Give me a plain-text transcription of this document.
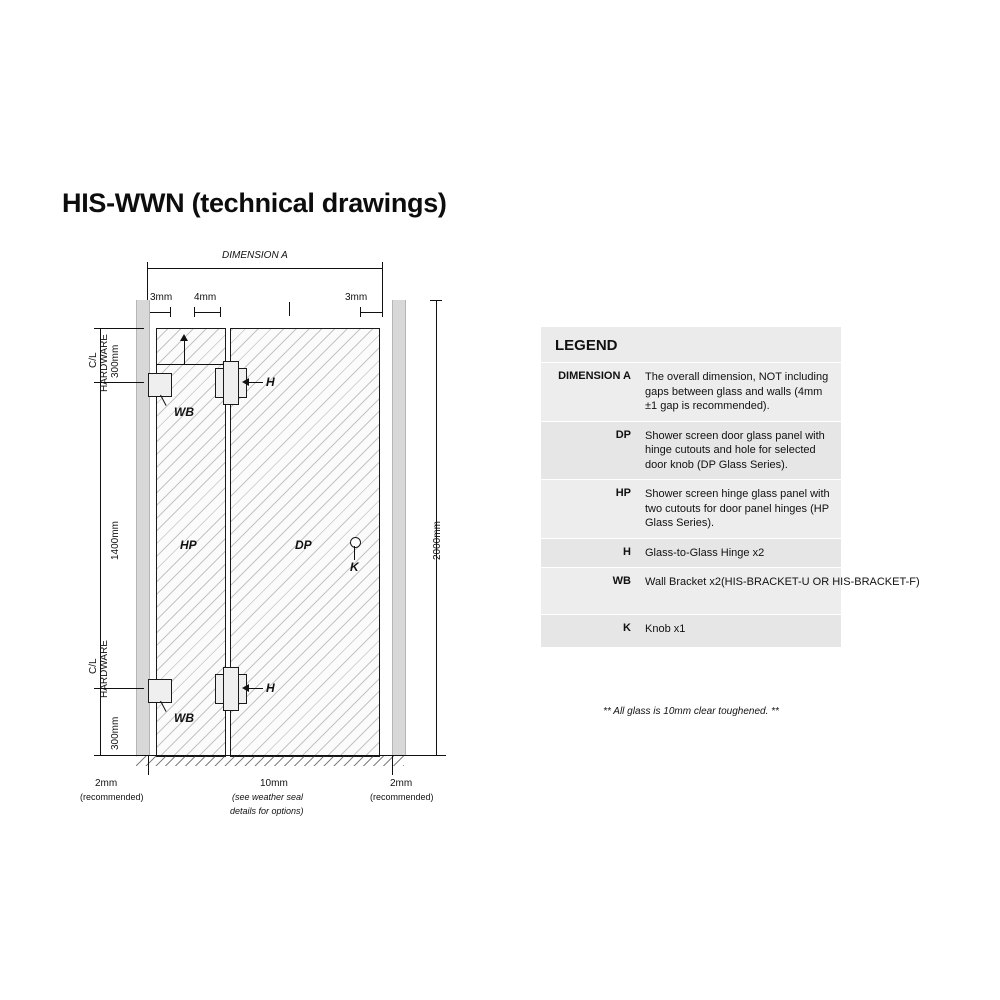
HIS-WWN (technical drawings)
DIMENSION A
3mm 4mm	3mm
HP	DP
H
H
WB
WB
K
300mm
1400mm
300mm
C/L HARDWARE
C/L HARDWARE
2000mm
2mm
(recommended)
10mm
(see weather seal
details for options)
2mm
(recommended)
LEGEND
DIMENSION A	The overall dimension, NOT including gaps between glass and walls (4mm ±1 gap is recommended).
DP	Shower screen door glass panel with hinge cutouts and hole for selected door knob (DP Glass Series).
HP	Shower screen hinge glass panel with two cutouts for door panel hinges (HP Glass Series).
H	Glass-to-Glass Hinge x2
WB	Wall Bracket x2(HIS-BRACKET-U OR HIS-BRACKET-F)
K	Knob x1
** All glass is 10mm clear toughened. **
